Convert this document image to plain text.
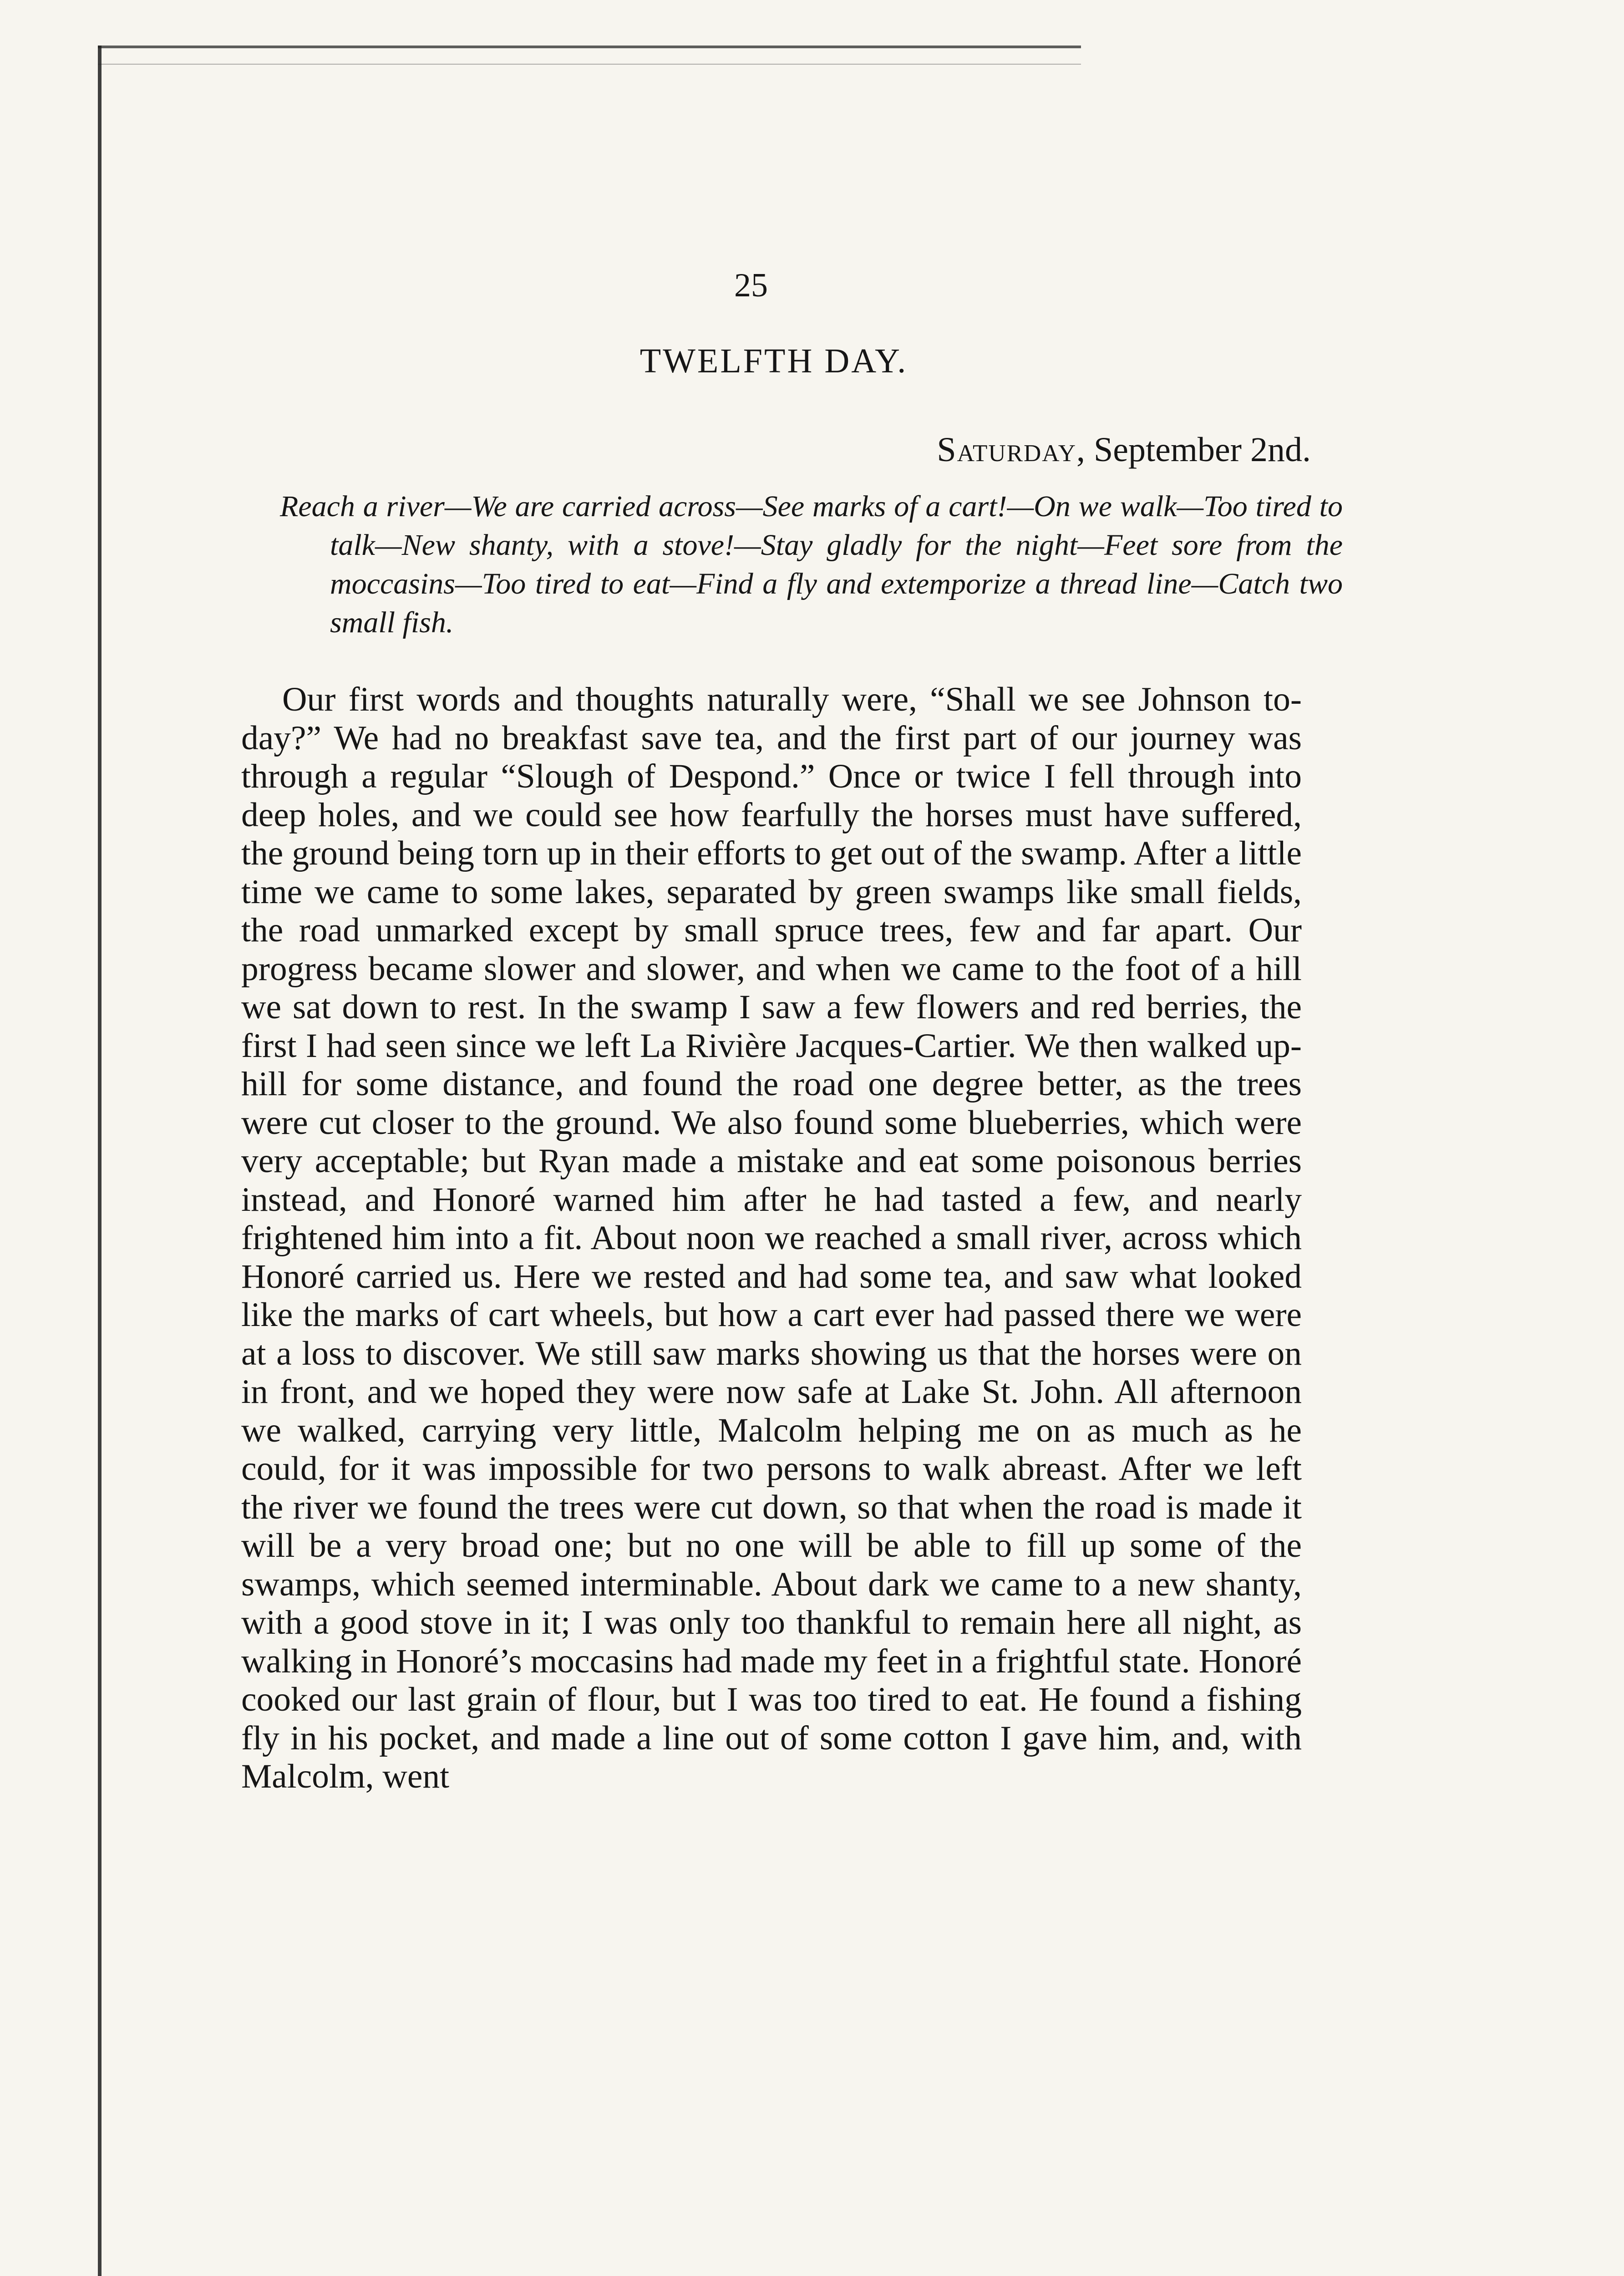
25
TWELFTH DAY.
Saturday, September 2nd.
Reach a river—We are carried across—See marks of a cart!—On we walk—Too tired to talk—New shanty, with a stove!—Stay gladly for the night—Feet sore from the moccasins—Too tired to eat—Find a fly and extemporize a thread line—Catch two small fish.
Our first words and thoughts naturally were, “Shall we see Johnson to-day?” We had no breakfast save tea, and the first part of our journey was through a regular “Slough of Despond.” Once or twice I fell through into deep holes, and we could see how fearfully the horses must have suffered, the ground being torn up in their efforts to get out of the swamp. After a little time we came to some lakes, separated by green swamps like small fields, the road unmarked except by small spruce trees, few and far apart. Our progress became slower and slower, and when we came to the foot of a hill we sat down to rest. In the swamp I saw a few flowers and red berries, the first I had seen since we left La Rivière Jacques-Cartier. We then walked up-hill for some distance, and found the road one degree better, as the trees were cut closer to the ground. We also found some blueberries, which were very acceptable; but Ryan made a mistake and eat some poisonous berries instead, and Honoré warned him after he had tasted a few, and nearly frightened him into a fit. About noon we reached a small river, across which Honoré carried us. Here we rested and had some tea, and saw what looked like the marks of cart wheels, but how a cart ever had passed there we were at a loss to discover. We still saw marks showing us that the horses were on in front, and we hoped they were now safe at Lake St. John. All afternoon we walked, carrying very little, Malcolm helping me on as much as he could, for it was impossible for two persons to walk abreast. After we left the river we found the trees were cut down, so that when the road is made it will be a very broad one; but no one will be able to fill up some of the swamps, which seemed interminable. About dark we came to a new shanty, with a good stove in it; I was only too thankful to remain here all night, as walking in Honoré’s moccasins had made my feet in a frightful state. Honoré cooked our last grain of flour, but I was too tired to eat. He found a fishing fly in his pocket, and made a line out of some cotton I gave him, and, with Malcolm, went
